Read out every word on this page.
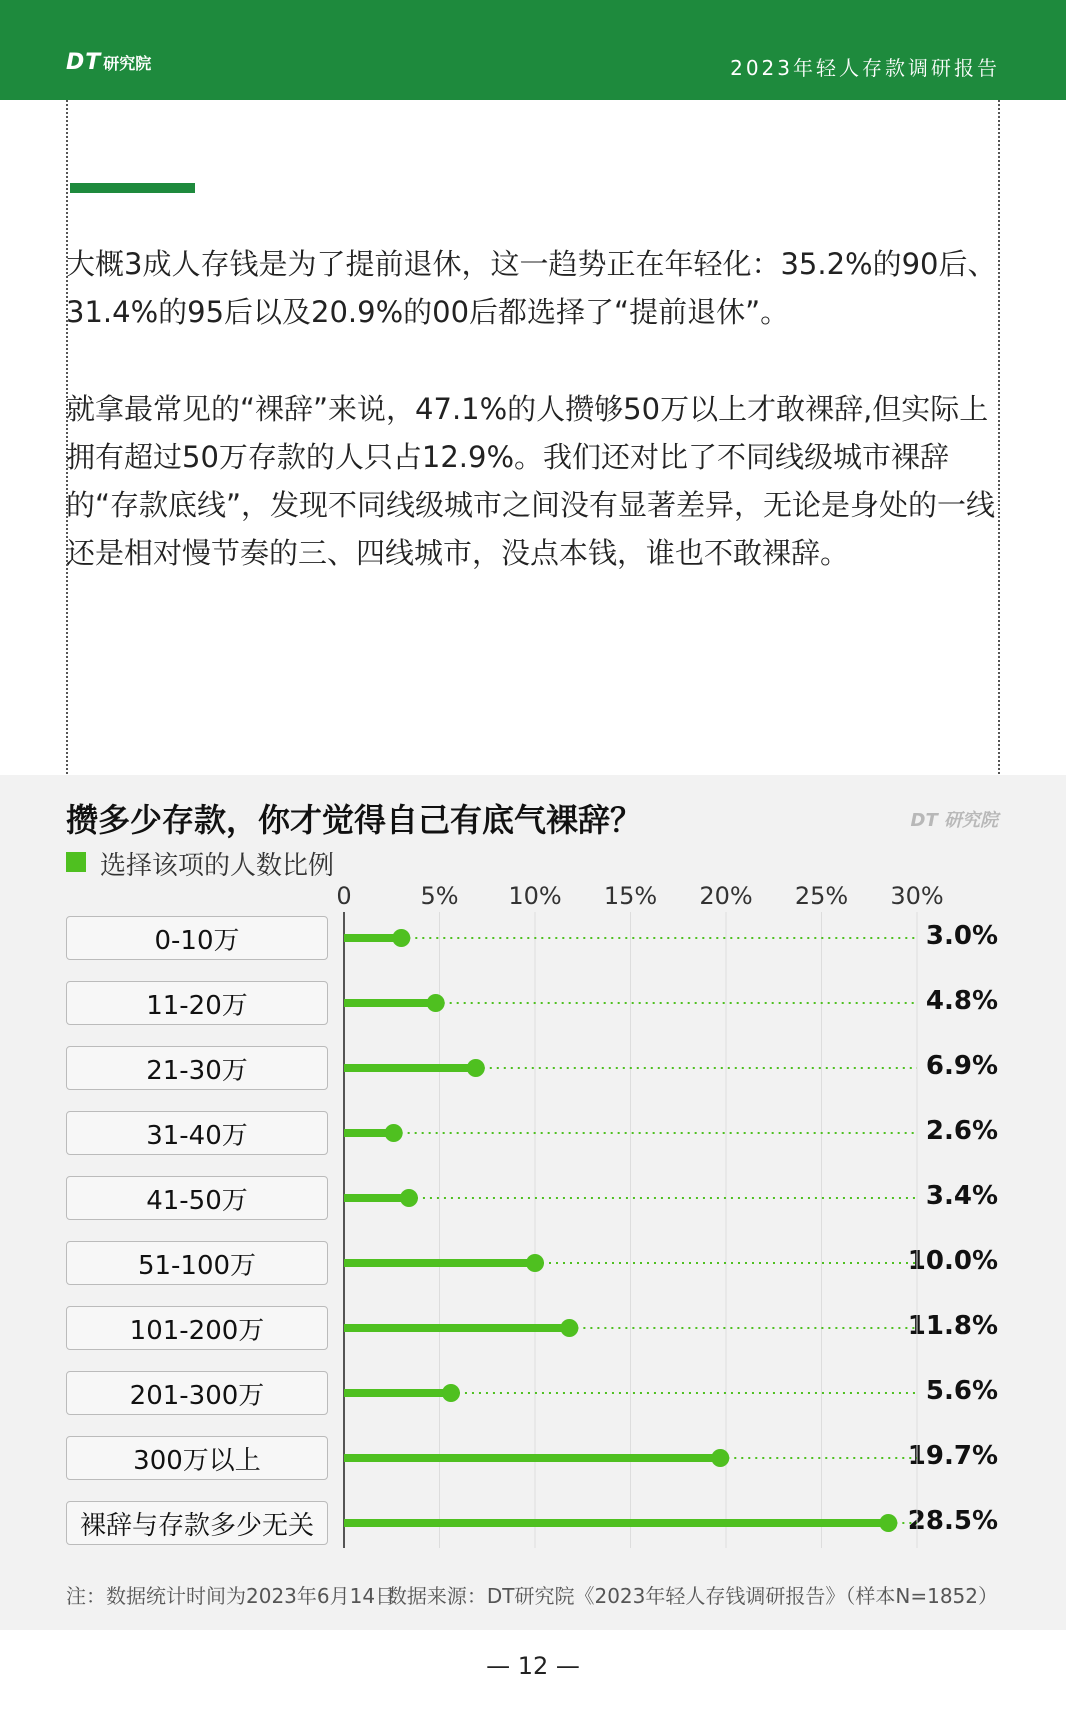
DT 研究院	2023年轻人存款调研报告

大概3成人存钱是为了提前退休，这一趋势正在年轻化：35.2%的90后、31.4%的95后以及20.9%的00后都选择了“提前退休”。

就拿最常见的“裸辞”来说，47.1%的人攒够50万以上才敢裸辞,但实际上拥有超过50万存款的人只占12.9%。我们还对比了不同线级城市裸辞的“存款底线”，发现不同线级城市之间没有显著差异，无论是身处的一线还是相对慢节奏的三、四线城市，没点本钱，谁也不敢裸辞。

攒多少存款，你才觉得自己有底气裸辞？	DT 研究院
选择该项的人数比例
0	5% 10% 15% 20% 25% 30%
0-10万	3.0%
11-20万	4.8%
21-30万	6.9%
31-40万	2.6%
41-50万	3.4%
51-100万	10.0%
101-200万	11.8%
201-300万	5.6%
300万以上	19.7%
裸辞与存款多少无关	28.5%
注：数据统计时间为2023年6月14日
数据来源：DT研究院《2023年轻人存钱调研报告》（样本N=1852）
— 12 —
